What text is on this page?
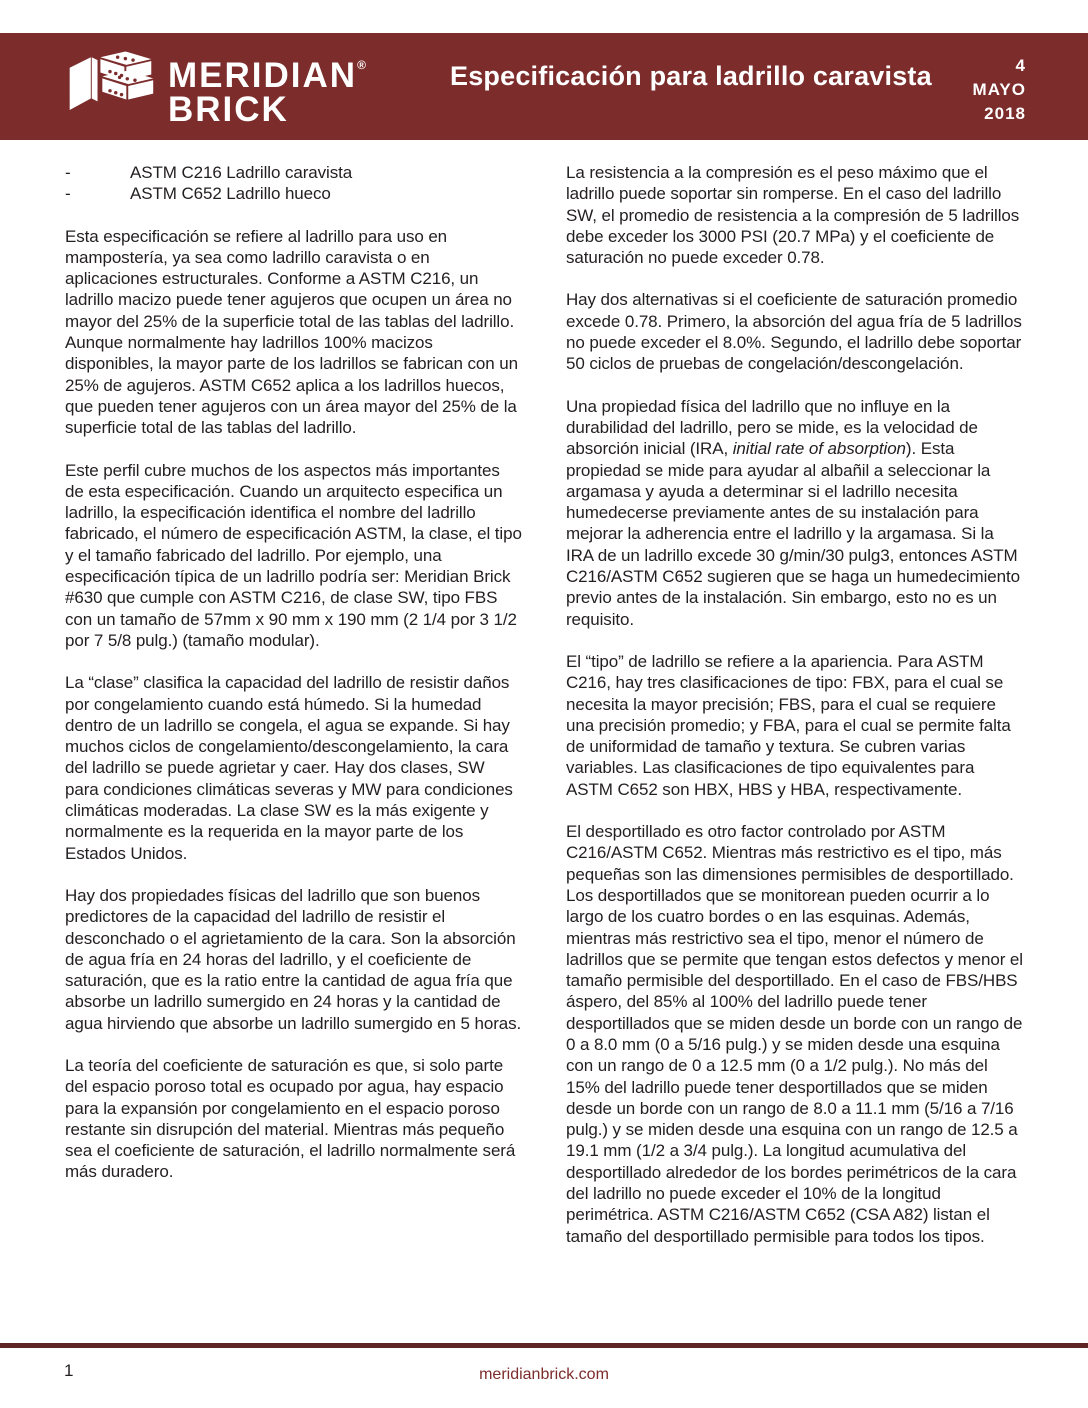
MERIDIAN®
BRICK
Especificación para ladrillo caravista	4
MAYO
2018
-	ASTM C216 Ladrillo caravista
-	ASTM C652 Ladrillo hueco

Esta especificación se refiere al ladrillo para uso en mampostería, ya sea como ladrillo caravista o en aplicaciones estructurales. Conforme a ASTM C216, un ladrillo macizo puede tener agujeros que ocupen un área no mayor del 25% de la superficie total de las tablas del ladrillo. Aunque normalmente hay ladrillos 100% macizos disponibles, la mayor parte de los ladrillos se fabrican con un 25% de agujeros. ASTM C652 aplica a los ladrillos huecos, que pueden tener agujeros con un área mayor del 25% de la superficie total de las tablas del ladrillo.

Este perfil cubre muchos de los aspectos más importantes de esta especificación. Cuando un arquitecto especifica un ladrillo, la especificación identifica el nombre del ladrillo fabricado, el número de especificación ASTM, la clase, el tipo y el tamaño fabricado del ladrillo. Por ejemplo, una especificación típica de un ladrillo podría ser: Meridian Brick #630 que cumple con ASTM C216, de clase SW, tipo FBS con un tamaño de 57mm x 90 mm x 190 mm (2 1/4 por 3 1/2 por 7 5/8 pulg.) (tamaño modular).

La “clase” clasifica la capacidad del ladrillo de resistir daños por congelamiento cuando está húmedo. Si la humedad dentro de un ladrillo se congela, el agua se expande. Si hay muchos ciclos de congelamiento/descongelamiento, la cara del ladrillo se puede agrietar y caer. Hay dos clases, SW para condiciones climáticas severas y MW para condiciones climáticas moderadas. La clase SW es la más exigente y normalmente es la requerida en la mayor parte de los Estados Unidos.

Hay dos propiedades físicas del ladrillo que son buenos predictores de la capacidad del ladrillo de resistir el desconchado o el agrietamiento de la cara. Son la absorción de agua fría en 24 horas del ladrillo, y el coeficiente de saturación, que es la ratio entre la cantidad de agua fría que absorbe un ladrillo sumergido en 24 horas y la cantidad de agua hirviendo que absorbe un ladrillo sumergido en 5 horas.

La teoría del coeficiente de saturación es que, si solo parte del espacio poroso total es ocupado por agua, hay espacio para la expansión por congelamiento en el espacio poroso restante sin disrupción del material. Mientras más pequeño sea el coeficiente de saturación, el ladrillo normalmente será más duradero.

La resistencia a la compresión es el peso máximo que el ladrillo puede soportar sin romperse. En el caso del ladrillo SW, el promedio de resistencia a la compresión de 5 ladrillos debe exceder los 3000 PSI (20.7 MPa) y el coeficiente de saturación no puede exceder 0.78.

Hay dos alternativas si el coeficiente de saturación promedio excede 0.78. Primero, la absorción del agua fría de 5 ladrillos no puede exceder el 8.0%. Segundo, el ladrillo debe soportar 50 ciclos de pruebas de congelación/descongelación.

Una propiedad física del ladrillo que no influye en la durabilidad del ladrillo, pero se mide, es la velocidad de absorción inicial (IRA, initial rate of absorption). Esta propiedad se mide para ayudar al albañil a seleccionar la argamasa y ayuda a determinar si el ladrillo necesita humedecerse previamente antes de su instalación para mejorar la adherencia entre el ladrillo y la argamasa. Si la IRA de un ladrillo excede 30 g/min/30 pulg3, entonces ASTM C216/ASTM C652 sugieren que se haga un humedecimiento previo antes de la instalación. Sin embargo, esto no es un requisito.

El “tipo” de ladrillo se refiere a la apariencia. Para ASTM C216, hay tres clasificaciones de tipo: FBX, para el cual se necesita la mayor precisión; FBS, para el cual se requiere una precisión promedio; y FBA, para el cual se permite falta de uniformidad de tamaño y textura. Se cubren varias variables. Las clasificaciones de tipo equivalentes para ASTM C652 son HBX, HBS y HBA, respectivamente.

El desportillado es otro factor controlado por ASTM C216/ASTM C652. Mientras más restrictivo es el tipo, más pequeñas son las dimensiones permisibles de desportillado. Los desportillados que se monitorean pueden ocurrir a lo largo de los cuatro bordes o en las esquinas. Además, mientras más restrictivo sea el tipo, menor el número de ladrillos que se permite que tengan estos defectos y menor el tamaño permisible del desportillado. En el caso de FBS/HBS áspero, del 85% al 100% del ladrillo puede tener desportillados que se miden desde un borde con un rango de 0 a 8.0 mm (0 a 5/16 pulg.) y se miden desde una esquina con un rango de 0 a 12.5 mm (0 a 1/2 pulg.). No más del 15% del ladrillo puede tener desportillados que se miden desde un borde con un rango de 8.0 a 11.1 mm (5/16 a 7/16 pulg.) y se miden desde una esquina con un rango de 12.5 a 19.1 mm (1/2 a 3/4 pulg.). La longitud acumulativa del desportillado alrededor de los bordes perimétricos de la cara del ladrillo no puede exceder el 10% de la longitud perimétrica. ASTM C216/ASTM C652 (CSA A82) listan el tamaño del desportillado permisible para todos los tipos.

1	meridianbrick.com
